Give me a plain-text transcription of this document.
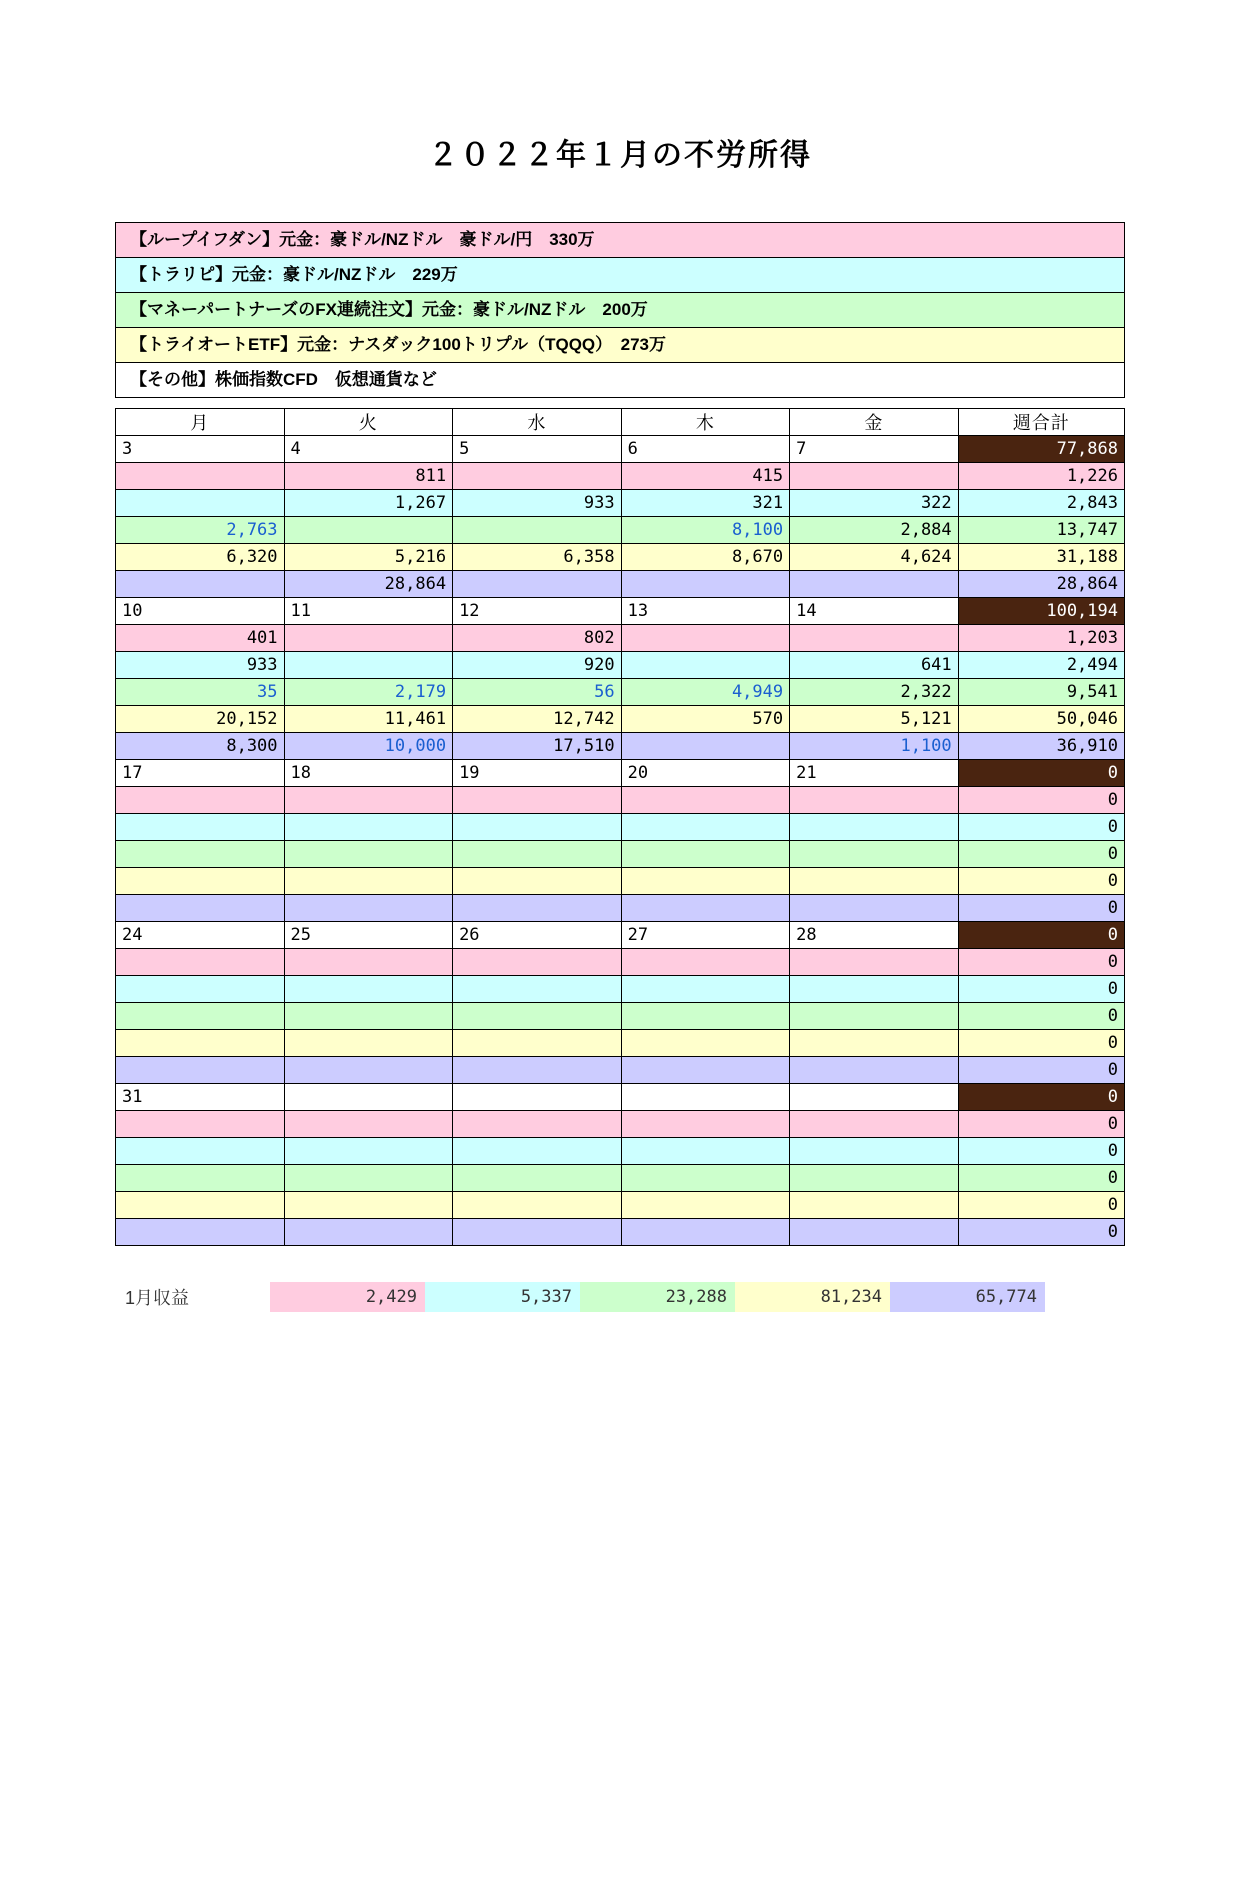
２０２２年１月の不労所得
【ループイフダン】元金：豪ドル/NZドル　豪ドル/円　330万
【トラリピ】元金：豪ドル/NZドル　229万
【マネーパートナーズのFX連続注文】元金：豪ドル/NZドル　200万
【トライオートETF】元金：ナスダック100トリプル（TQQQ）　273万
【その他】株価指数CFD　仮想通貨など
月	火	水	木	金	週合計
3	4	5	6	7	77,868
	811		415		1,226
	1,267	933	321	322	2,843
2,763			8,100	2,884	13,747
6,320	5,216	6,358	8,670	4,624	31,188
	28,864				28,864
10	11	12	13	14	100,194
401		802			1,203
933		920		641	2,494
35	2,179	56	4,949	2,322	9,541
20,152	11,461	12,742	570	5,121	50,046
8,300	10,000	17,510		1,100	36,910
17	18	19	20	21	0
					0
					0
					0
					0
					0
24	25	26	27	28	0
					0
					0
					0
					0
					0
31					0
					0
					0
					0
					0
					0
1月収益	2,429	5,337	23,288	81,234	65,774
